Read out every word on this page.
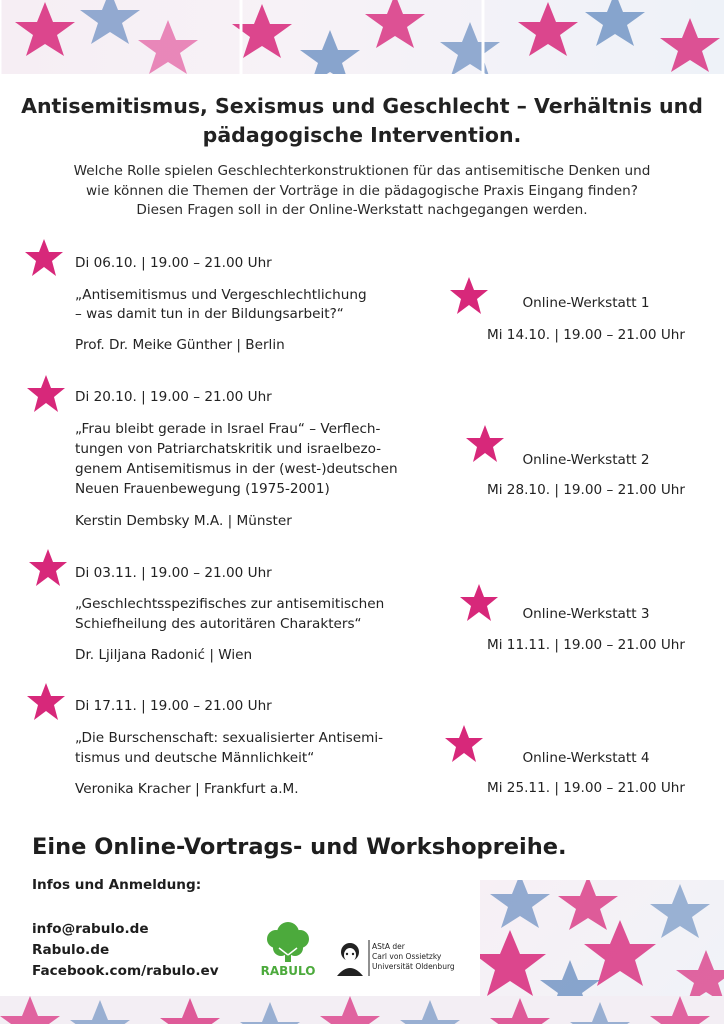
Antisemitismus, Sexismus und Geschlecht – Verhältnis und pädagogische Intervention.
Welche Rolle spielen Geschlechterkonstruktionen für das antisemitische Denken und
wie können die Themen der Vorträge in die pädagogische Praxis Eingang finden?
Diesen Fragen soll in der Online-Werkstatt nachgegangen werden.

Di 06.10. | 19.00 – 21.00 Uhr

„Antisemitismus und Vergeschlechtlichung

– was damit tun in der Bildungsarbeit?“

Prof. Dr. Meike Günther | Berlin

Di 20.10. | 19.00 – 21.00 Uhr

„Frau bleibt gerade in Israel Frau“ – Verflech-

tungen von Patriarchatskritik und israelbezo-

genem Antisemitismus in der (west-)deutschen

Neuen Frauenbewegung (1975-2001)

Kerstin Dembsky M.A. | Münster

Di 03.11. | 19.00 – 21.00 Uhr

„Geschlechtsspezifisches zur antisemitischen

Schiefheilung des autoritären Charakters“

Dr. Ljiljana Radonić | Wien

Di 17.11. | 19.00 – 21.00 Uhr

„Die Burschenschaft: sexualisierter Antisemi-

tismus und deutsche Männlichkeit“

Veronika Kracher | Frankfurt a.M.

Online-Werkstatt 1

Mi 14.10. | 19.00 – 21.00 Uhr

Online-Werkstatt 2

Mi 28.10. | 19.00 – 21.00 Uhr

Online-Werkstatt 3

Mi 11.11. | 19.00 – 21.00 Uhr

Online-Werkstatt 4

Mi 25.11. | 19.00 – 21.00 Uhr

Eine Online-Vortrags- und Workshopreihe.

Infos und Anmeldung:

info@rabulo.de

Rabulo.de

Facebook.com/rabulo.ev	RABULO
AStA der
Carl von Ossietzky
Universität Oldenburg
